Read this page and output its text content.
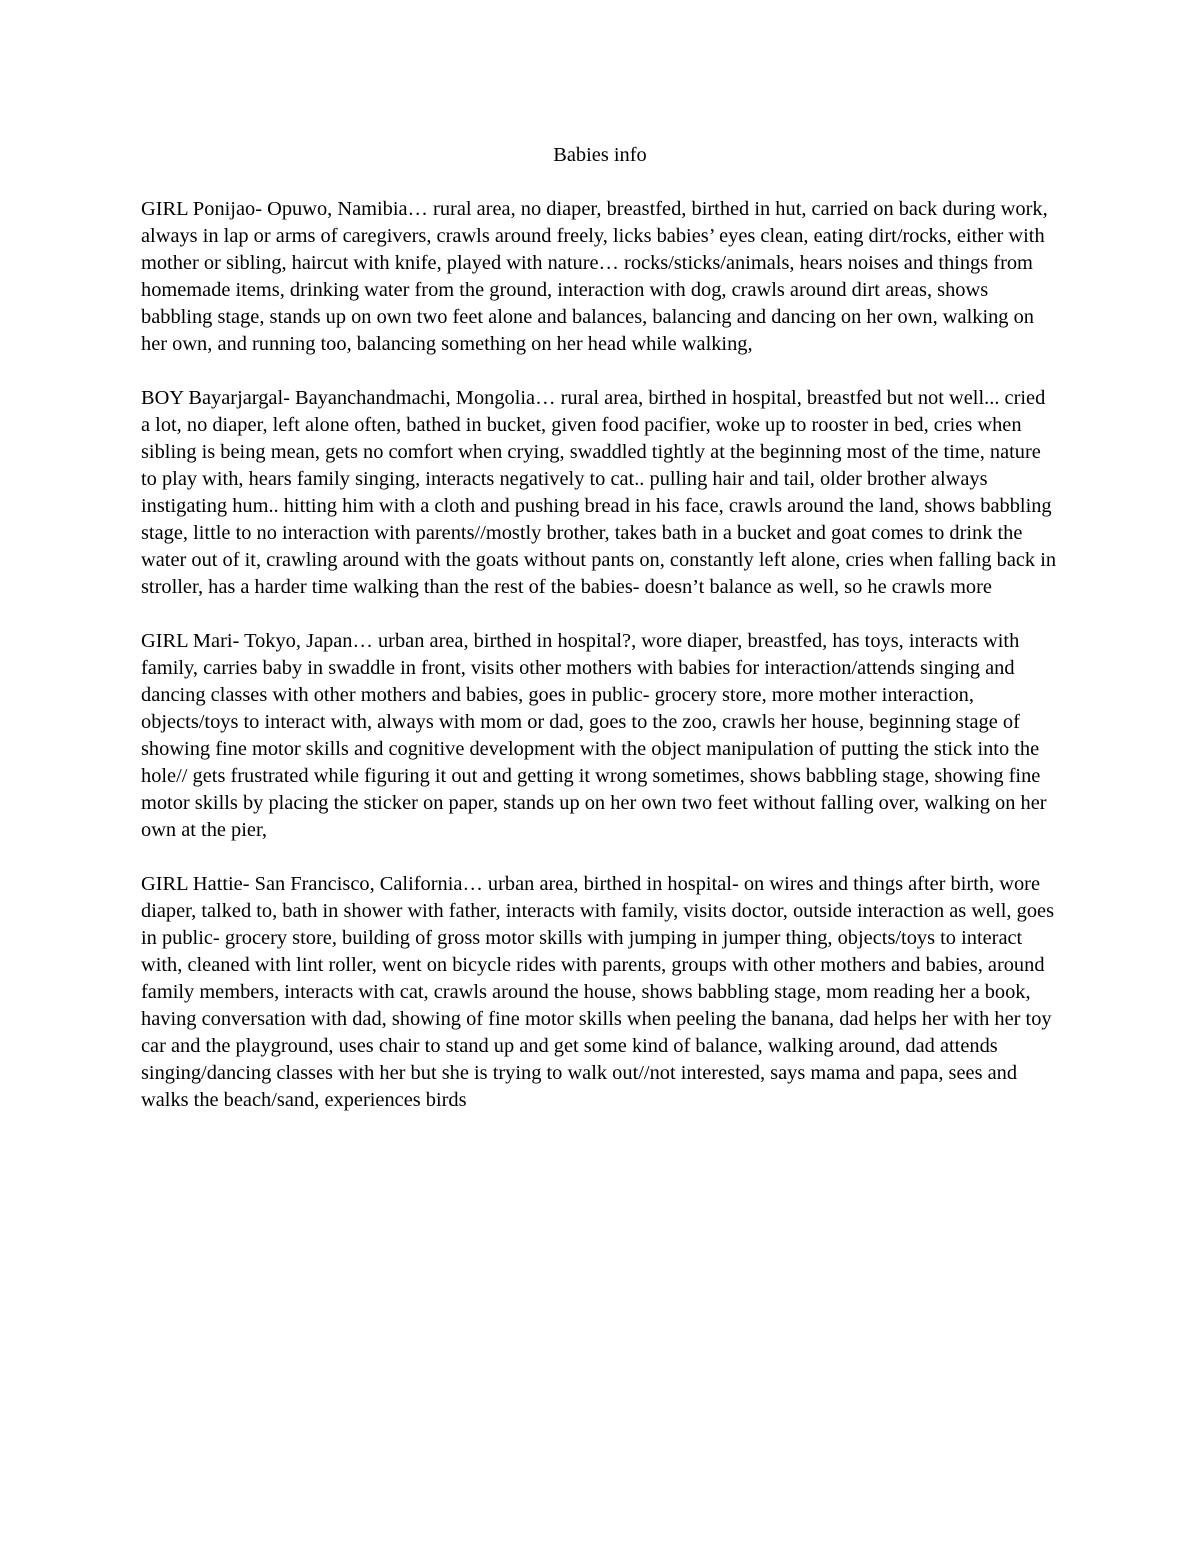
Babies info

GIRL Ponijao- Opuwo, Namibia… rural area, no diaper, breastfed, birthed in hut, carried on back during work, always in lap or arms of caregivers, crawls around freely, licks babies’ eyes clean, eating dirt/rocks, either with mother or sibling, haircut with knife, played with nature… rocks/sticks/animals, hears noises and things from homemade items, drinking water from the ground, interaction with dog, crawls around dirt areas, shows babbling stage, stands up on own two feet alone and balances, balancing and dancing on her own, walking on her own, and running too, balancing something on her head while walking,

BOY Bayarjargal- Bayanchandmachi, Mongolia… rural area, birthed in hospital, breastfed but not well... cried a lot, no diaper, left alone often, bathed in bucket, given food pacifier, woke up to rooster in bed, cries when sibling is being mean, gets no comfort when crying, swaddled tightly at the beginning most of the time, nature to play with, hears family singing, interacts negatively to cat.. pulling hair and tail, older brother always instigating hum.. hitting him with a cloth and pushing bread in his face, crawls around the land, shows babbling stage, little to no interaction with parents//mostly brother, takes bath in a bucket and goat comes to drink the water out of it, crawling around with the goats without pants on, constantly left alone, cries when falling back in stroller, has a harder time walking than the rest of the babies- doesn’t balance as well, so he crawls more

GIRL Mari- Tokyo, Japan… urban area, birthed in hospital?, wore diaper, breastfed, has toys, interacts with family, carries baby in swaddle in front, visits other mothers with babies for interaction/attends singing and dancing classes with other mothers and babies, goes in public- grocery store, more mother interaction, objects/toys to interact with, always with mom or dad, goes to the zoo, crawls her house, beginning stage of showing fine motor skills and cognitive development with the object manipulation of putting the stick into the hole// gets frustrated while figuring it out and getting it wrong sometimes, shows babbling stage, showing fine motor skills by placing the sticker on paper, stands up on her own two feet without falling over, walking on her own at the pier,

GIRL Hattie- San Francisco, California… urban area, birthed in hospital- on wires and things after birth, wore diaper, talked to, bath in shower with father, interacts with family, visits doctor, outside interaction as well, goes in public- grocery store, building of gross motor skills with jumping in jumper thing, objects/toys to interact with, cleaned with lint roller, went on bicycle rides with parents, groups with other mothers and babies, around family members, interacts with cat, crawls around the house, shows babbling stage, mom reading her a book, having conversation with dad, showing of fine motor skills when peeling the banana, dad helps her with her toy car and the playground, uses chair to stand up and get some kind of balance, walking around, dad attends singing/dancing classes with her but she is trying to walk out//not interested, says mama and papa, sees and walks the beach/sand, experiences birds
